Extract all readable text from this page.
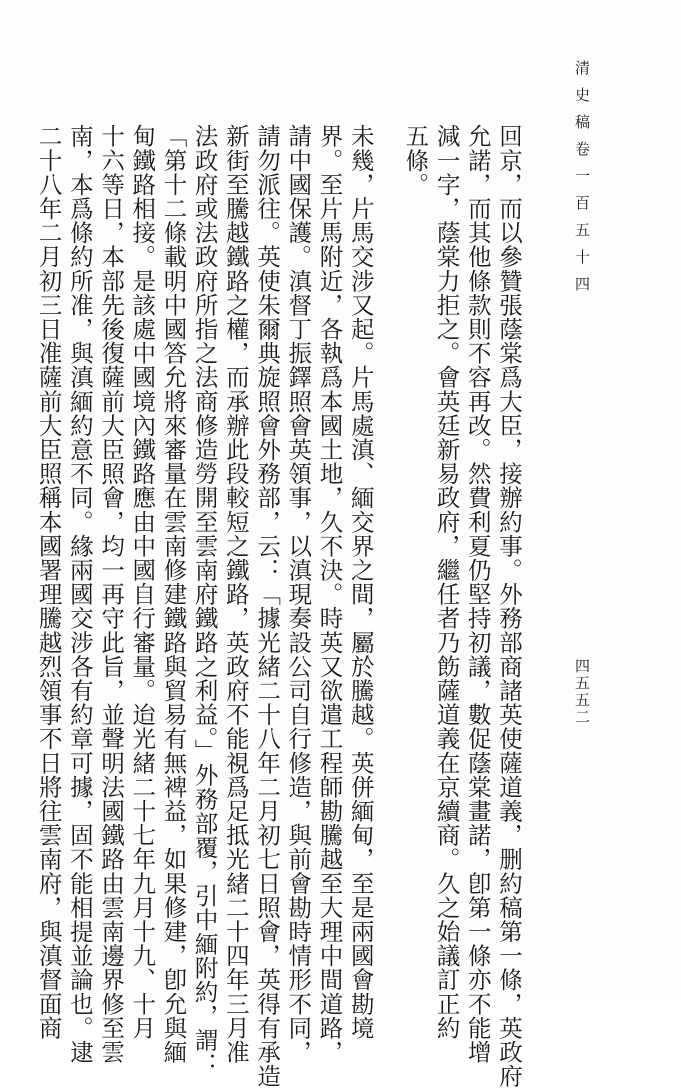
清史稿卷一百五十四
四五五二
回京，而以參贊張蔭棠爲大臣，接辦約事。外務部商諸英使薩道義，删約稿第一條，英政府
允諾，而其他條款則不容再改。然費利夏仍堅持初議，數促蔭棠畫諾，卽第一條亦不能增
減一字，蔭棠力拒之。會英廷新易政府，繼任者乃飭薩道義在京續商。久之始議訂正約
五條。
未幾，片馬交涉又起。片馬處滇、緬交界之間，屬於騰越。英併緬甸，至是兩國會勘境
界。至片馬附近，各執爲本國土地，久不決。時英又欲遣工程師勘騰越至大理中間道路，
請中國保護。滇督丁振鐸照會英領事，以滇現奏設公司自行修造，與前會勘時情形不同，
請勿派往。英使朱爾典旋照會外務部，云：「據光緒二十八年二月初七日照會，英得有承造
新街至騰越鐵路之權，而承辦此段較短之鐵路，英政府不能視爲足抵光緒二十四年三月准
法政府或法政府所指之法商修造勞開至雲南府鐵路之利益。」外務部覆，引中緬附約，謂：
「第十二條載明中國答允將來審量在雲南修建鐵路與貿易有無裨益，如果修建，卽允與緬
甸鐵路相接。是該處中國境內鐵路應由中國自行審量。迨光緒二十七年九月十九、十月
十六等日，本部先後復薩前大臣照會，均一再守此旨，並聲明法國鐵路由雲南邊界修至雲
南，本爲條約所准，與滇緬約意不同。緣兩國交涉各有約章可據，固不能相提並論也。逮
二十八年二月初三日准薩前大臣照稱本國署理騰越烈領事不日將往雲南府，與滇督面商
